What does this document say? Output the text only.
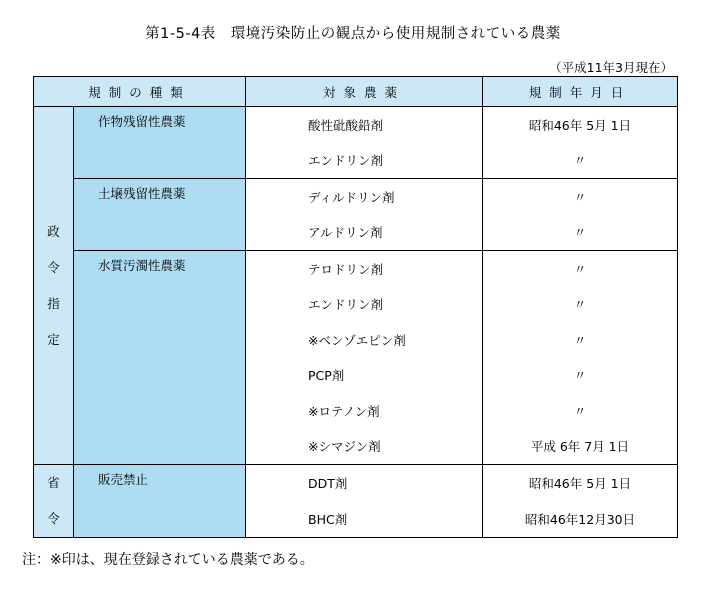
第1-5-4表　環境汚染防止の観点から使用規制されている農薬
（平成11年3月現在）
規制の種類		対象農薬	規制年月日

政
令
指
定	作物残留性農薬	酸性砒酸鉛剤	昭和46年 5月 1日

		エンドリン剤	〃
	土壌残留性農薬	ディルドリン剤	〃

		アルドリン剤	〃
	水質汚濁性農薬	テロドリン剤	〃

		エンドリン剤	〃

		※ベンゾエピン剤	〃

		PCP剤	〃

		※ロテノン剤	〃

		※シマジン剤	平成 6年 7月 1日

省
令	販売禁止	DDT剤	昭和46年 5月 1日

		BHC剤	昭和46年12月30日
注：※印は、現在登録されている農薬である。
